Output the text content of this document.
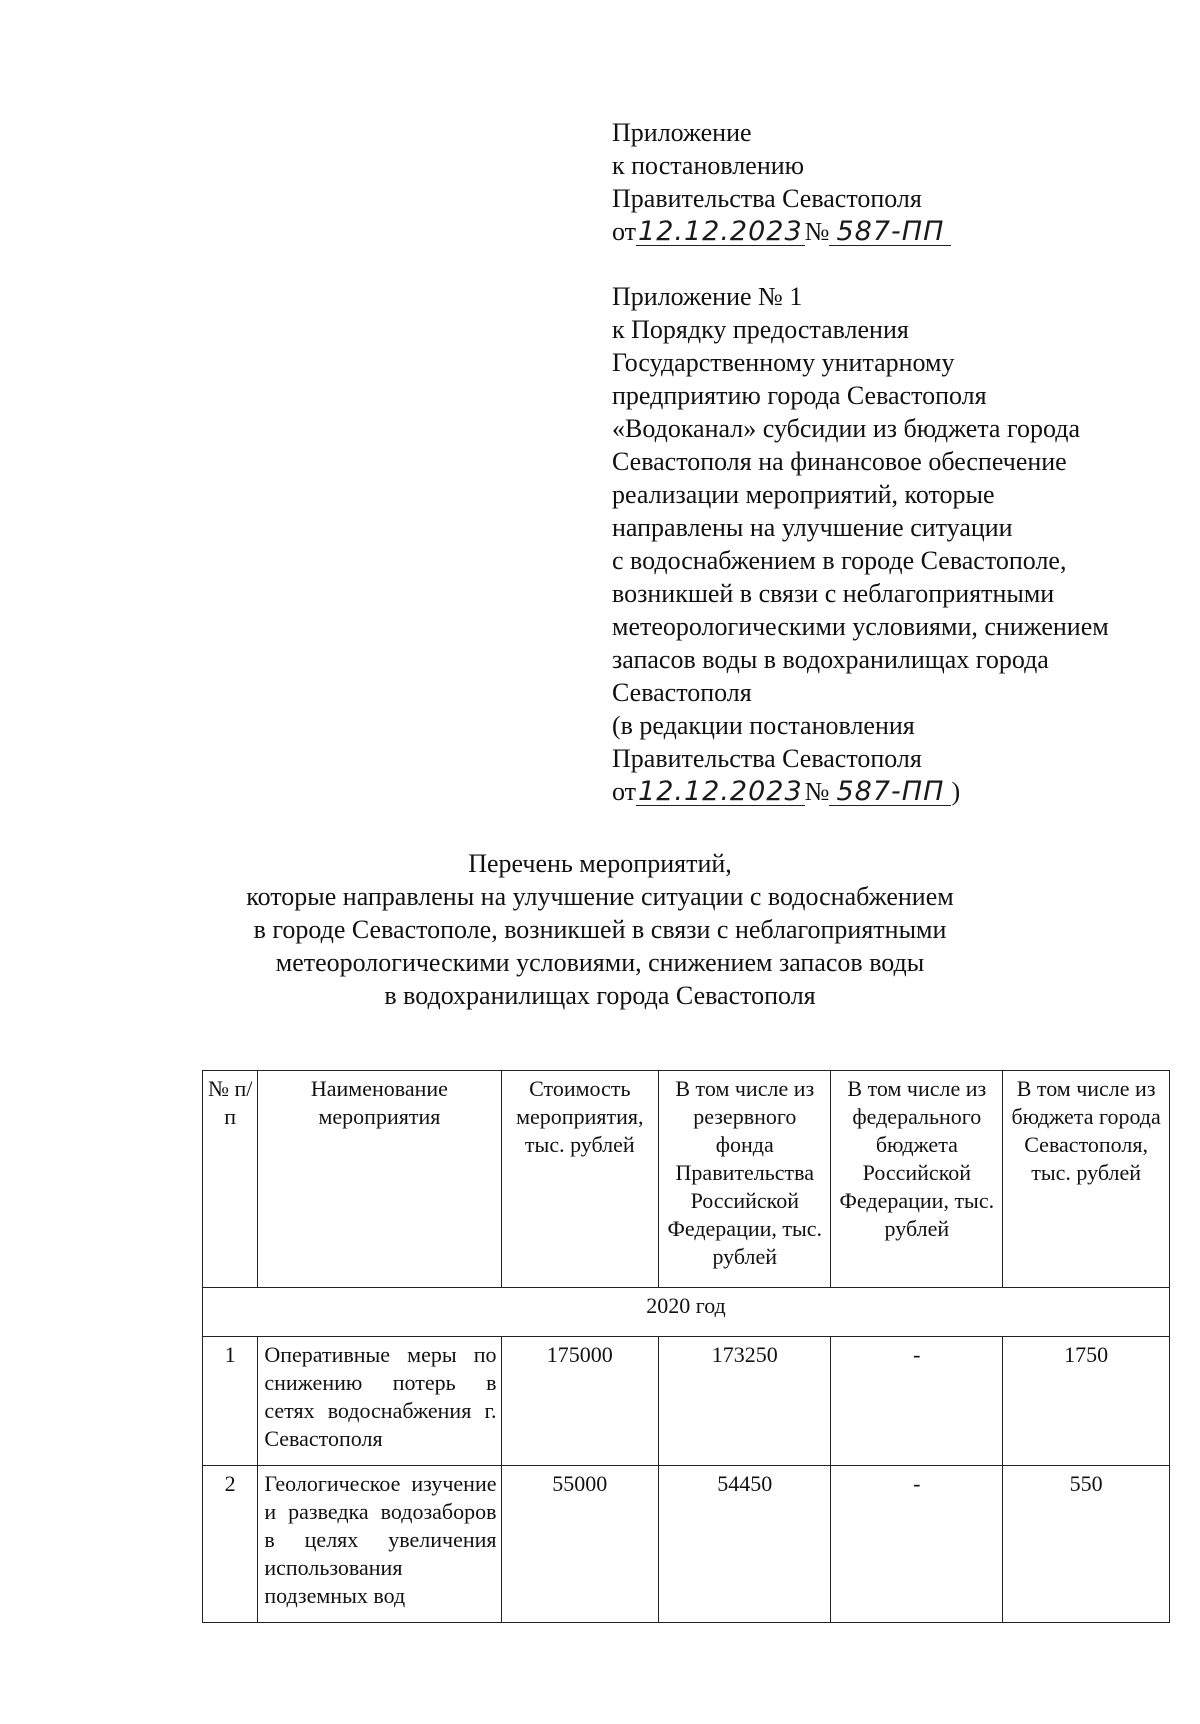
Приложение
к постановлению
Правительства Севастополя
от12.12.2023№ 587-ПП
Приложение № 1
к Порядку предоставления
Государственному унитарному
предприятию города Севастополя
«Водоканал» субсидии из бюджета города
Севастополя на финансовое обеспечение
реализации мероприятий, которые
направлены на улучшение ситуации
с водоснабжением в городе Севастополе,
возникшей в связи с неблагоприятными
метеорологическими условиями, снижением
запасов воды в водохранилищах города
Севастополя
(в редакции постановления
Правительства Севастополя
от12.12.2023№ 587-ПП )
Перечень мероприятий,
которые направлены на улучшение ситуации с водоснабжением
в городе Севастополе, возникшей в связи с неблагоприятными
метеорологическими условиями, снижением запасов воды
в водохранилищах города Севастополя
№ п/п	Наименование мероприятия	Стоимость мероприятия, тыс. рублей	В том числе из резервного фонда Правительства Российской Федерации, тыс. рублей	В том числе из федерального бюджета Российской Федерации, тыс. рублей	В том числе из бюджета города Севастополя, тыс. рублей
2020 год					
1	Оперативные меры по снижению потерь в сетях водоснабжения г. Севастополя	175000	173250	-	1750
2	Геологическое изучение и разведка водозаборов в целях увеличения использования подземных вод	55000	54450	-	550
